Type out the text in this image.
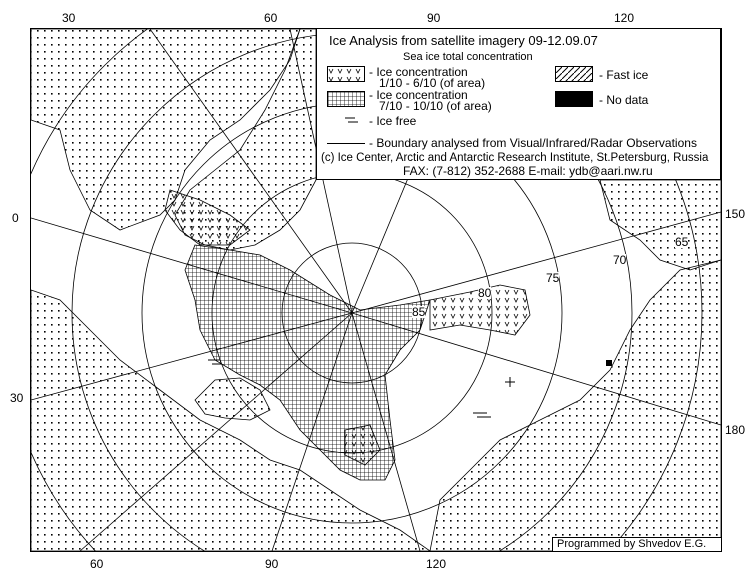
30	60	90	120
0
30
150
180
60	90	120
65
70
75
80
85
Ice Analysis from satellite imagery 09-12.09.07
Sea ice total concentration
- Ice concentration
1/10 - 6/10 (of area)
- Ice concentration
7/10 - 10/10 (of area)
- Ice free
- Fast ice
- No data
- Boundary analysed from Visual/Infrared/Radar Observations
(c) Ice Center, Arctic and Antarctic Research Institute, St.Petersburg, Russia
FAX: (7-812) 352-2688 E-mail: ydb@aari.nw.ru
Programmed by Shvedov E.G.
